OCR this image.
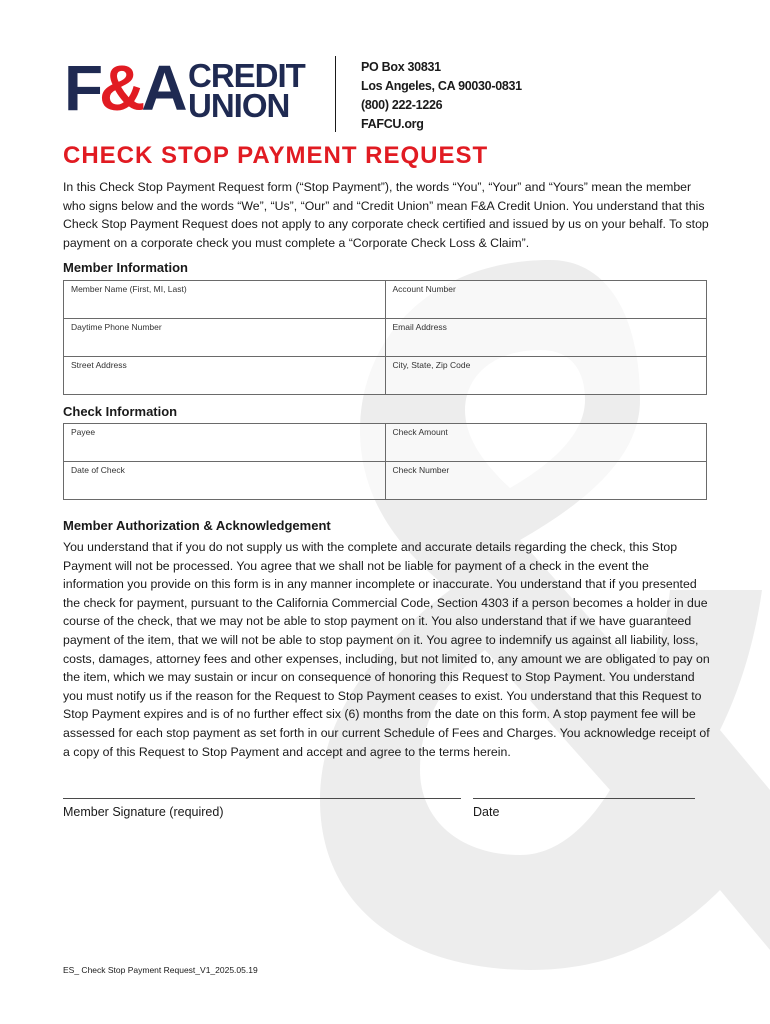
F&A CREDIT
UNION
PO Box 30831
Los Angeles, CA 90030-0831
(800) 222-1226
FAFCU.org
CHECK STOP PAYMENT REQUEST
In this Check Stop Payment Request form (“Stop Payment”), the words “You”, “Your” and “Yours” mean the member who signs below and the words “We”, “Us”, “Our” and “Credit Union” mean F&A Credit Union. You understand that this Check Stop Payment Request does not apply to any corporate check certified and issued by us on your behalf. To stop payment on a corporate check you must complete a “Corporate Check Loss & Claim”.
Member Information
Member Name (First, MI, Last)	Account Number

Daytime Phone Number	Email Address

Street Address	City, State, Zip Code
Check Information
Payee	Check Amount

Date of Check	Check Number
Member Authorization & Acknowledgement
You understand that if you do not supply us with the complete and accurate details regarding the check, this Stop Payment will not be processed. You agree that we shall not be liable for payment of a check in the event the information you provide on this form is in any manner incomplete or inaccurate. You understand that if you presented the check for payment, pursuant to the California Commercial Code, Section 4303 if a person becomes a holder in due course of the check, that we may not be able to stop payment on it. You also understand that if we have guaranteed payment of the item, that we will not be able to stop payment on it. You agree to indemnify us against all liability, loss, costs, damages, attorney fees and other expenses, including, but not limited to, any amount we are obligated to pay on the item, which we may sustain or incur on consequence of honoring this Request to Stop Payment. You understand you must notify us if the reason for the Request to Stop Payment ceases to exist. You understand that this Request to Stop Payment expires and is of no further effect six (6) months from the date on this form. A stop payment fee will be assessed for each stop payment as set forth in our current Schedule of Fees and Charges. You acknowledge receipt of a copy of this Request to Stop Payment and accept and agree to the terms herein.
Member Signature (required)	Date
ES_ Check Stop Payment Request_V1_2025.05.19
